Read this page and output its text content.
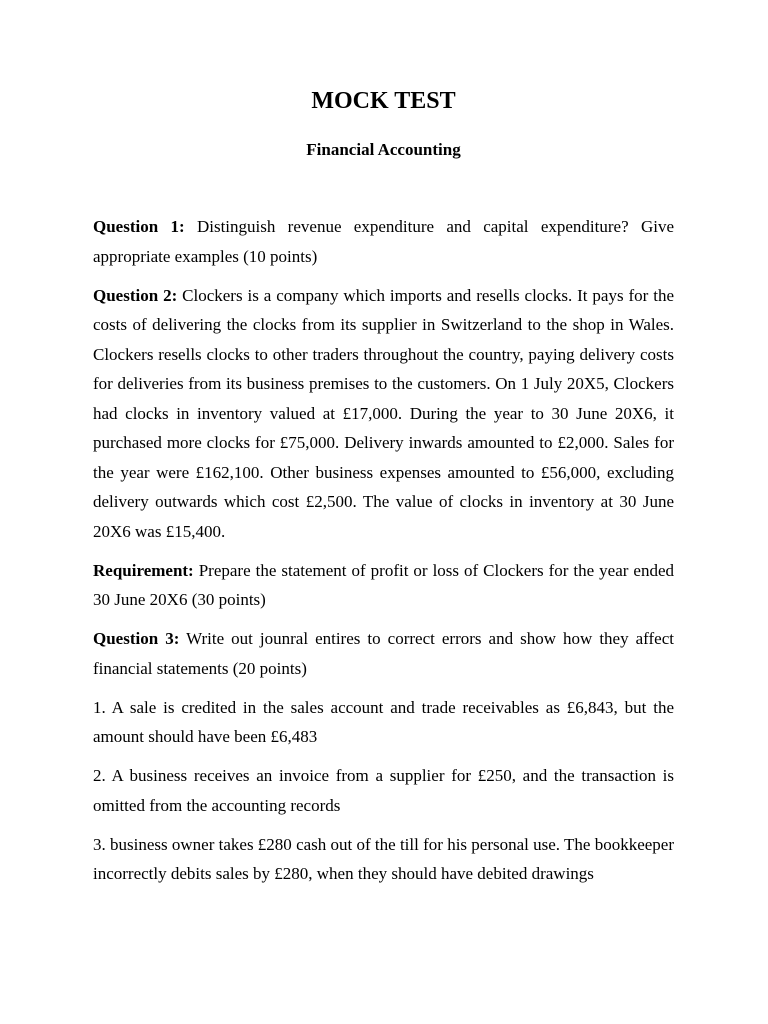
MOCK TEST
Financial Accounting

Question 1: Distinguish revenue expenditure and capital expenditure? Give appropriate examples (10 points)

Question 2: Clockers is a company which imports and resells clocks. It pays for the costs of delivering the clocks from its supplier in Switzerland to the shop in Wales. Clockers resells clocks to other traders throughout the country, paying delivery costs for deliveries from its business premises to the customers. On 1 July 20X5, Clockers had clocks in inventory valued at £17,000. During the year to 30 June 20X6, it purchased more clocks for £75,000. Delivery inwards amounted to £2,000. Sales for the year were £162,100. Other business expenses amounted to £56,000, excluding delivery outwards which cost £2,500. The value of clocks in inventory at 30 June 20X6 was £15,400.

Requirement: Prepare the statement of profit or loss of Clockers for the year ended 30 June 20X6 (30 points)

Question 3: Write out jounral entires to correct errors and show how they affect financial statements (20 points)

1. A sale is credited in the sales account and trade receivables as £6,843, but the amount should have been £6,483

2. A business receives an invoice from a supplier for £250, and the transaction is omitted from the accounting records

3. business owner takes £280 cash out of the till for his personal use. The bookkeeper incorrectly debits sales by £280, when they should have debited drawings
